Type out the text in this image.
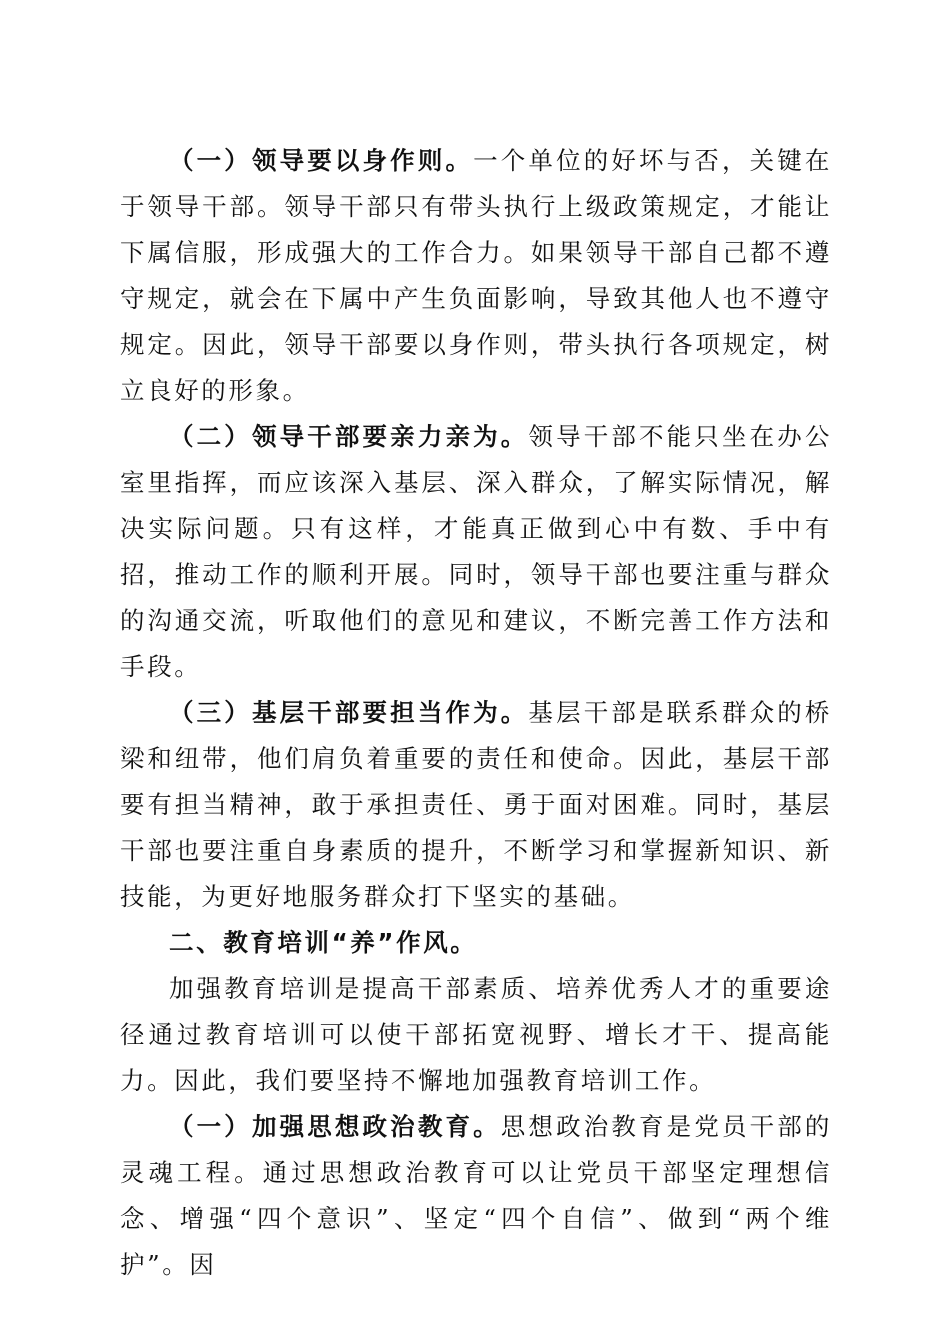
（一）领导要以身作则。一个单位的好坏与否，关键在于领导干部。领导干部只有带头执行上级政策规定，才能让下属信服，形成强大的工作合力。如果领导干部自己都不遵守规定，就会在下属中产生负面影响，导致其他人也不遵守规定。因此，领导干部要以身作则，带头执行各项规定，树立良好的形象。

（二）领导干部要亲力亲为。领导干部不能只坐在办公室里指挥，而应该深入基层、深入群众，了解实际情况，解决实际问题。只有这样，才能真正做到心中有数、手中有招，推动工作的顺利开展。同时，领导干部也要注重与群众的沟通交流，听取他们的意见和建议，不断完善工作方法和手段。

（三）基层干部要担当作为。基层干部是联系群众的桥梁和纽带，他们肩负着重要的责任和使命。因此，基层干部要有担当精神，敢于承担责任、勇于面对困难。同时，基层干部也要注重自身素质的提升，不断学习和掌握新知识、新技能，为更好地服务群众打下坚实的基础。

二、教育培训“养”作风。

加强教育培训是提高干部素质、培养优秀人才的重要途径通过教育培训可以使干部拓宽视野、增长才干、提高能力。因此，我们要坚持不懈地加强教育培训工作。

（一）加强思想政治教育。思想政治教育是党员干部的灵魂工程。通过思想政治教育可以让党员干部坚定理想信念、增强“四个意识”、坚定“四个自信”、做到“两个维护”。因
